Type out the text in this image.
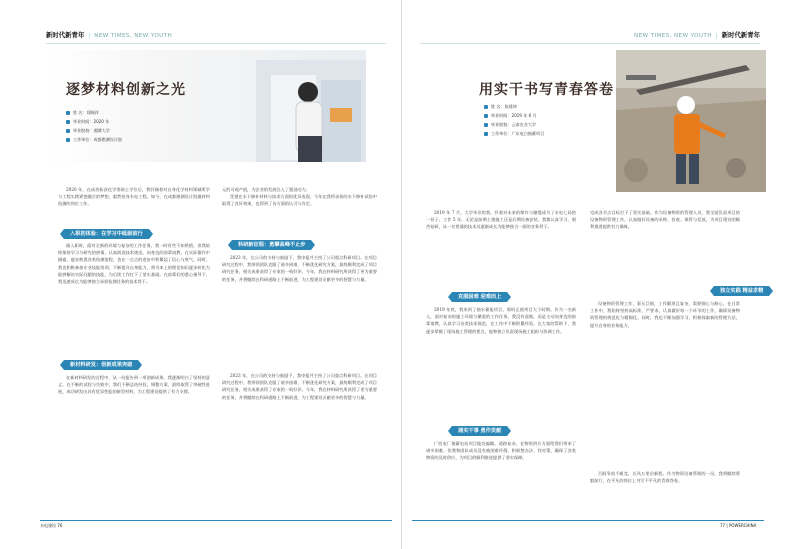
新时代新青年 | NEW TIMES, NEW YOUTH
逐梦材料创新之光
姓 名： 翔锡祥
毕业时间： 2020 年
毕业院校： 湘潭大学
工作单位： 成都勘测设计院

2020 年，在成功斩获化学类硕士学位后，我怀揣着对自身化学材料领域所学与工程实践紧密融合的梦想，毅然投身水电工程。如今，在成都勘测设计院做材料检测的岗位工作。

入职初体验：在学习中砥砺前行

刚入职时，面对全新的环境与复杂的工作任务，我一时有些不知所措。但我始终保持学习与研究的热情，认真阅读技术规范，向身边的前辈请教，在实际操作中摸索，逐步熟悉各类检测流程，也在一点点的进步中积累起了信心与底气。同时，我也积极参加专业技能培训，不断提升自身能力，将书本上的理论知识逐步转化为能够解决实际问题的技能，为后续工作打下了坚实基础。在前辈们的悉心指导下，我迅速成长为能够独立承担检测任务的技术骨干。

新材料研发：创新成果突破

在新材料研发的过程中，从一份报告到一项创新成果，我逐渐明白了坚持的意义。在不断的试验与失败中，我们不断总结经验，调整方案，最终取得了突破性进展，成功研发出具有优异性能的新型材料，为工程建设提供了有力支撑。

元的可观产值，为企业的发展注入了强劲动力。

凭借在水下修补材料与技术方面的优异表现，今年在我所承担的水下修补试验中取得了良好效果，也得到了各方面的认可与肯定。

科研新征程：勇攀高峰不止步

2023 年，在公司的支持与鼓励下，我申报并主持了公司重点科研项目。在项目研究过程中，我带领团队克服了诸多困难，不断优化研究方案，最终顺利完成了项目研究任务，相关成果获得了专家的一致好评。今年，我在材料研究所获得了更为重要的任务，并将继续在科研道路上不断前进，为工程建设贡献更多的智慧与力量。

2023 年，在公司的支持与鼓励下，我申报并主持了公司重点科研项目。在项目研究过程中，我带领团队克服了诸多困难，不断优化研究方案，最终顺利完成了项目研究任务，相关成果获得了专家的一致好评。今年，我在材料研究所获得了更为重要的任务，并将继续在科研道路上不断前进，为工程建设贡献更多的智慧与力量。

水电建设 76
NEW TIMES, NEW YOUTH | 新时代新青年
用实干书写青春答卷
姓 名： 陈建坤
毕业时间： 2019 年 6 月
毕业院校： 云南农业大学
工作单位： 广东电白抽蓄项目

2019 年 7 月，大学毕业的我，怀着对未来的期许与憧憬成为了水电七局的一份子。工作 5 年，无论是前期土建施工还是后期设备安装，我都认真学习、刻苦钻研，从一名普通的技术员逐渐成长为能够独当一面的业务骨干。

克服困难 迎难而上

2019 年底，我来到了抽水蓄能项目，那时正值项目大干时期。作为一名新人，面对复杂的施工环境与繁重的工作任务，我没有退缩，而是主动向身边的前辈请教，认真学习各类技术规范，在工作中不断积累经验。在大家的帮助下，我逐步掌握了现场施工管理的要点，能够独立负责现场施工组织与协调工作。

通实干事 勇作贡献

广西电厂抽蓄电站项目地处偏僻，道路复杂，在物资供应方面给我们带来了诸多困难。但我和团队成员没有被困难吓倒，积极想办法、找对策，确保了各类物资的及时供应，为项目的顺利推进提供了坚实保障。

完成各节点目标打下了坚实基础。作为设备物资的管理人员，我全面负责项目的设备物资管理工作，认真做好设备的采购、验收、保管与发放，为项目建设的顺利推进提供有力保障。

独立实践 精益求精

设备物资管理工作，事无巨细，工作繁琐且复杂，需要细心与耐心。在日常工作中，我始终坚持高标准、严要求，认真做好每一个环节的工作，确保设备物资管理的规范化与精细化。同时，我也不断加强学习，积极探索新的管理方法，提升自身的业务能力。

百舸争流千帆竞，长风万里启新程。作为物资设备管理的一员，我将继续勇毅前行，在平凡的岗位上书写不平凡的青春答卷。

77 | POWERCHINA
